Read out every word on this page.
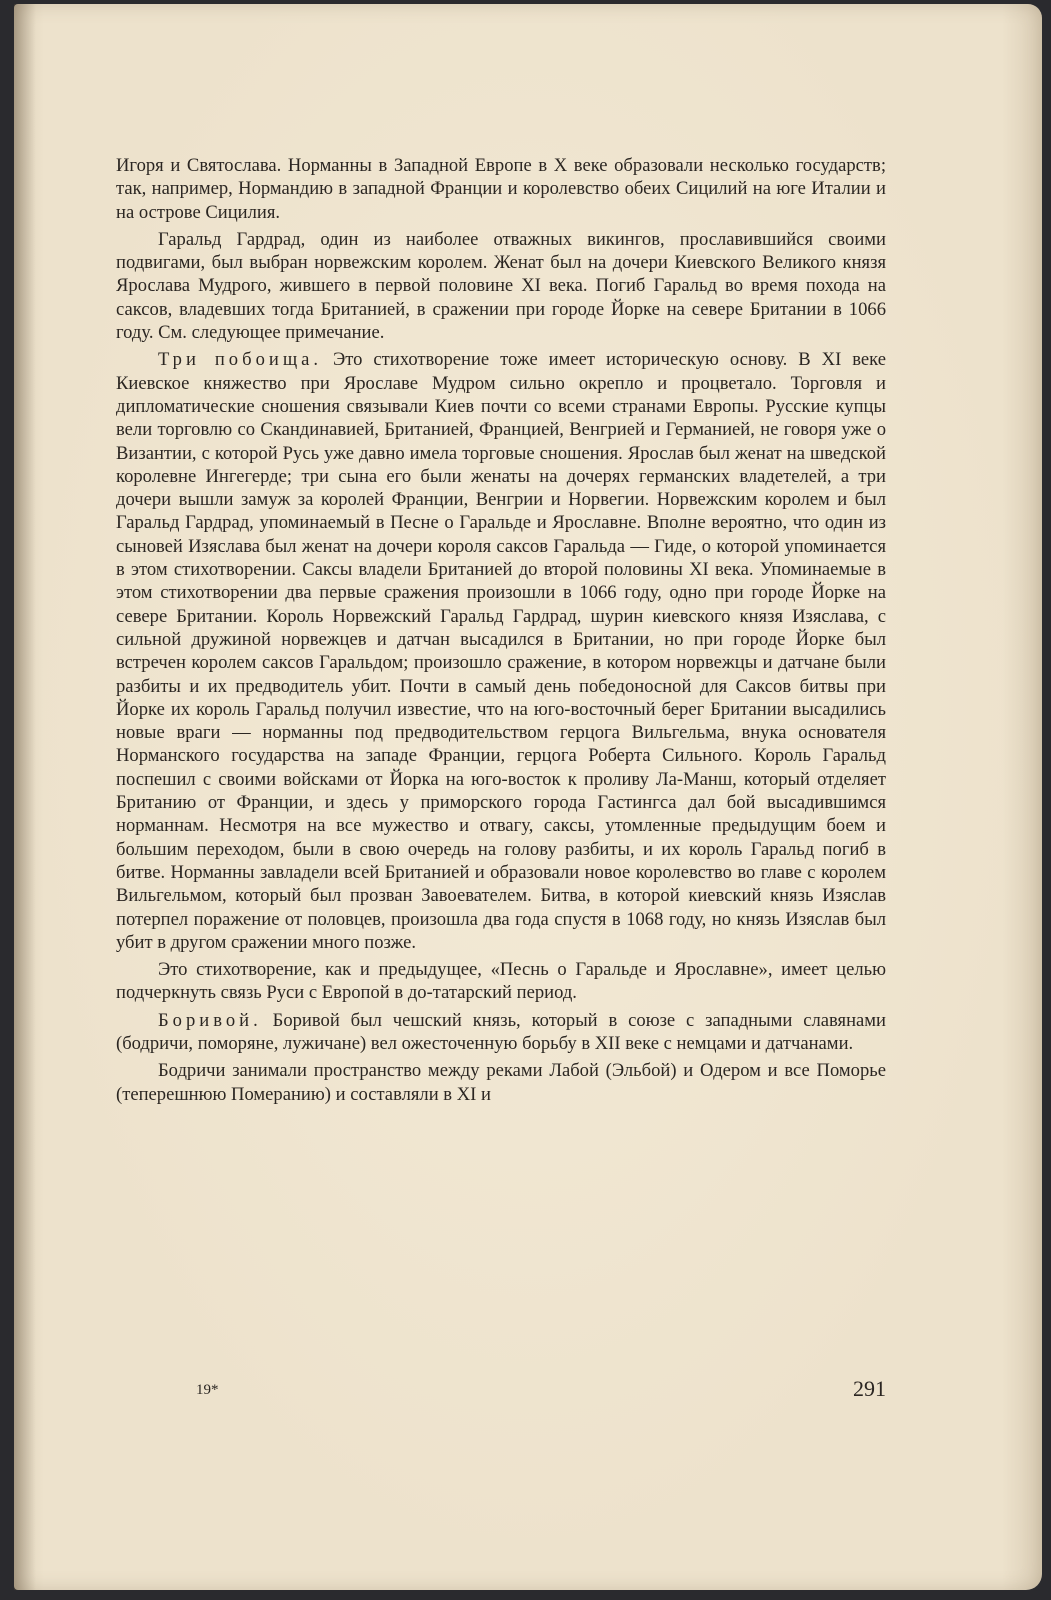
Игоря и Святослава. Норманны в Западной Европе в X веке образовали несколько государств; так, например, Нормандию в западной Франции и королевство обеих Сицилий на юге Италии и на острове Сицилия.

Гаральд Гардрад, один из наиболее отважных викингов, прославившийся своими подвигами, был выбран норвежским королем. Женат был на дочери Киевского Великого князя Ярослава Мудрого, жившего в первой половине XI века. Погиб Гаральд во время похода на саксов, владевших тогда Британией, в сражении при городе Йорке на севере Британии в 1066 году. См. следующее примечание.

Три побоища. Это стихотворение тоже имеет историческую основу. В XI веке Киевское княжество при Ярославе Мудром сильно окрепло и процветало. Торговля и дипломатические сношения связывали Киев почти со всеми странами Европы. Русские купцы вели торговлю со Скандинавией, Британией, Францией, Венгрией и Германией, не говоря уже о Византии, с которой Русь уже давно имела торговые сношения. Ярослав был женат на шведской королевне Ингегерде; три сына его были женаты на дочерях германских владетелей, а три дочери вышли замуж за королей Франции, Венгрии и Норвегии. Норвежским королем и был Гаральд Гардрад, упоминаемый в Песне о Гаральде и Ярославне. Вполне вероятно, что один из сыновей Изяслава был женат на дочери короля саксов Гаральда — Гиде, о которой упоминается в этом стихотворении. Саксы владели Британией до второй половины XI века. Упоминаемые в этом стихотворении два первые сражения произошли в 1066 году, одно при городе Йорке на севере Британии. Король Норвежский Гаральд Гардрад, шурин киевского князя Изяслава, с сильной дружиной норвежцев и датчан высадился в Британии, но при городе Йорке был встречен королем саксов Гаральдом; произошло сражение, в котором норвежцы и датчане были разбиты и их предводитель убит. Почти в самый день победоносной для Саксов битвы при Йорке их король Гаральд получил известие, что на юго-восточный берег Британии высадились новые враги — норманны под предводительством герцога Вильгельма, внука основателя Норманского государства на западе Франции, герцога Роберта Сильного. Король Гаральд поспешил с своими войсками от Йорка на юго-восток к проливу Ла-Манш, который отделяет Британию от Франции, и здесь у приморского города Гастингса дал бой высадившимся норманнам. Несмотря на все мужество и отвагу, саксы, утомленные предыдущим боем и большим переходом, были в свою очередь на голову разбиты, и их король Гаральд погиб в битве. Норманны завладели всей Британией и образовали новое королевство во главе с королем Вильгельмом, который был прозван Завоевателем. Битва, в которой киевский князь Изяслав потерпел поражение от половцев, произошла два года спустя в 1068 году, но князь Изяслав был убит в другом сражении много позже.

Это стихотворение, как и предыдущее, «Песнь о Гаральде и Ярославне», имеет целью подчеркнуть связь Руси с Европой в до-татарский период.

Боривой. Боривой был чешский князь, который в союзе с западными славянами (бодричи, поморяне, лужичане) вел ожесточенную борьбу в XII веке с немцами и датчанами.

Бодричи занимали пространство между реками Лабой (Эльбой) и Одером и все Поморье (теперешнюю Померанию) и составляли в XI и

19*	291
